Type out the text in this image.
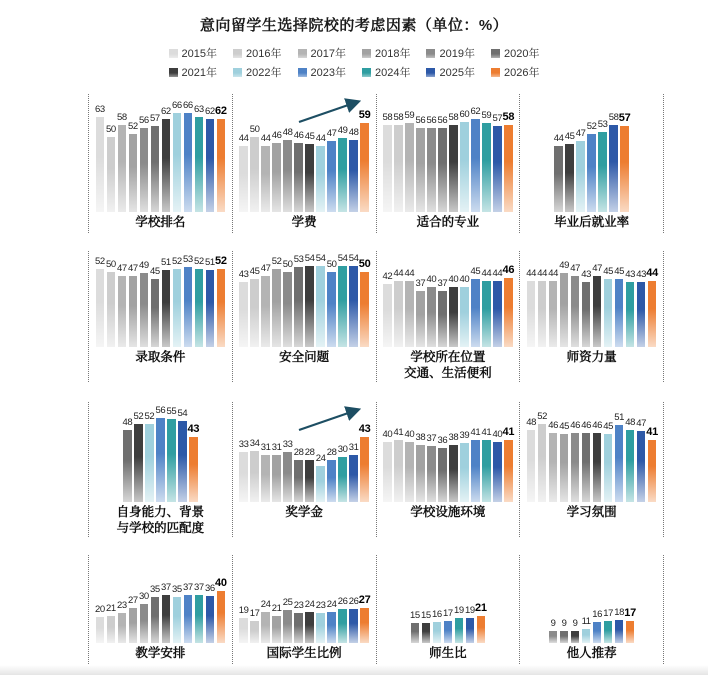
意向留学生选择院校的考虑因素（单位：%）
2015年	2016年	2017年	2018年	2019年	2020年
2021年	2022年	2023年	2024年	2025年	2026年
63
50
58
52
56 57
62
66 66 63 62 62
学校排名
44
50
44 46 48 46 45 44 47 49 48
59
学费
58 58 59 56 56 56 58 60 62 59 57 58
适合的专业
44 45 47
52 53
58 57
毕业后就业率
52 50 47 47 49
45
51 52 53 52 51 52
录取条件
43 45 47
52 50 53 54 54
50
54 54 50
安全问题
42 44 44
37 40 37 40 40
45 44 44 46
学校所在位置
交通、生活便利
44 44 44
49 47
43
47 45 45 43 43 44
师资力量
48
52 52
56 55 54
43
自身能力、背景
与学校的匹配度
33 34 31 31 33
28 28
24
28 30 31
43
奖学金
40 41 40 38 37 36 38 39 41 41 40 41
学校设施环境
48
52
46 45 46 46 46 45
51 48 47
41
学习氛围
20 21 23 27 30
35 37 35 37 37 36 40
教学安排
19 17
24 21
25 23 24 23 24 26 26 27
国际学生比例
15 15 16 17 19 19 21
师生比
9 9 9 11
16 17 18 17
他人推荐
